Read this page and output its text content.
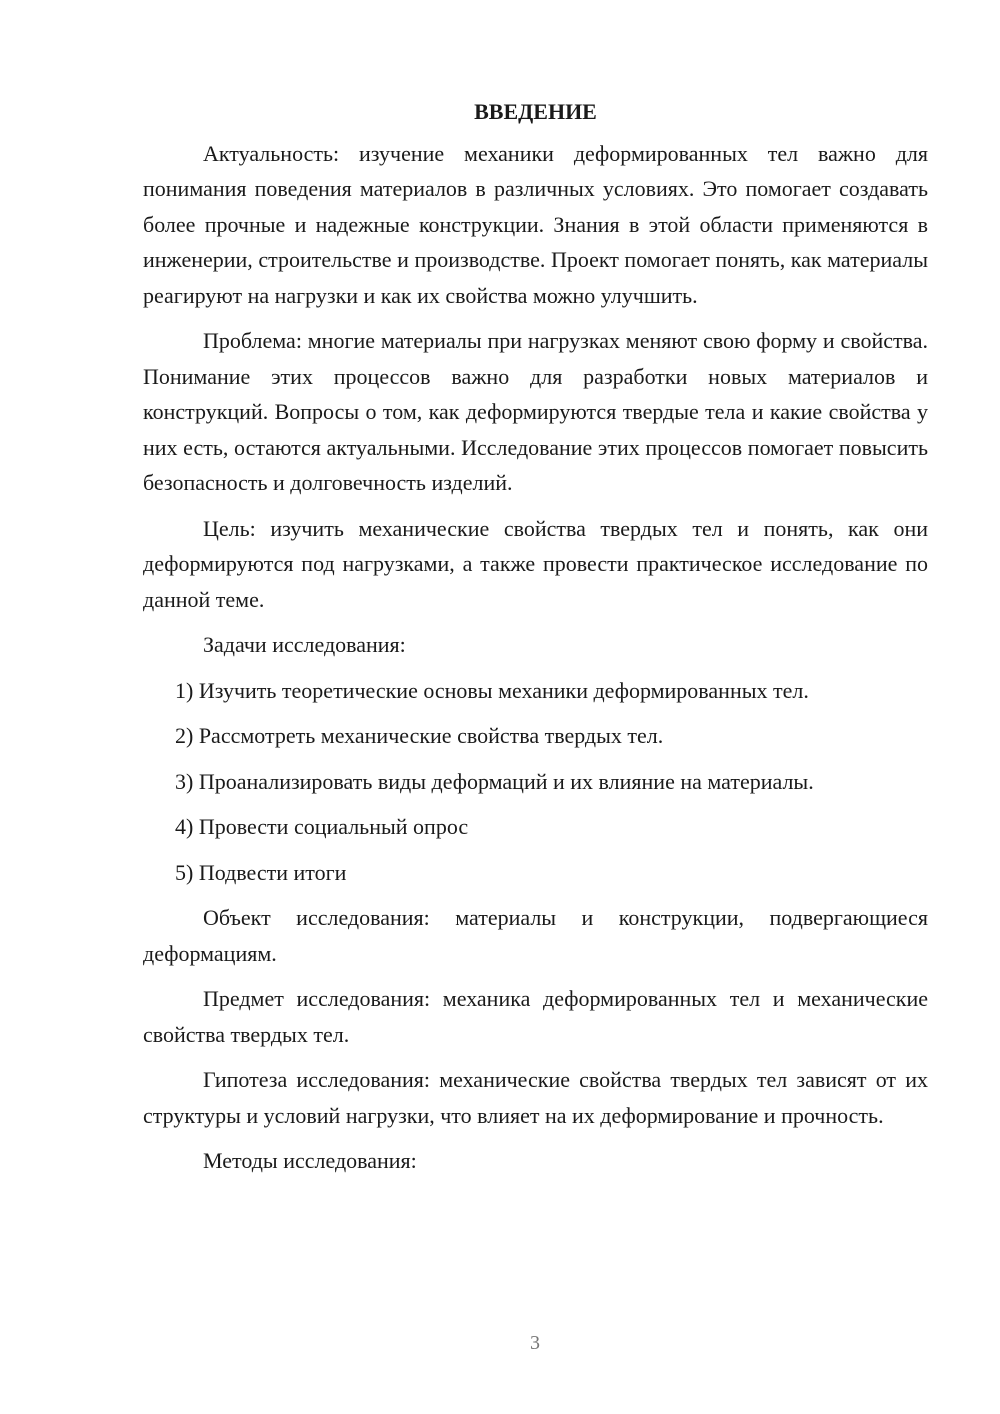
ВВЕДЕНИЕ

Актуальность: изучение механики деформированных тел важно для понимания поведения материалов в различных условиях. Это помогает создавать более прочные и надежные конструкции. Знания в этой области применяются в инженерии, строительстве и производстве. Проект помогает понять, как материалы реагируют на нагрузки и как их свойства можно улучшить.

Проблема: многие материалы при нагрузках меняют свою форму и свойства. Понимание этих процессов важно для разработки новых материалов и конструкций. Вопросы о том, как деформируются твердые тела и какие свойства у них есть, остаются актуальными. Исследование этих процессов помогает повысить безопасность и долговечность изделий.

Цель: изучить механические свойства твердых тел и понять, как они деформируются под нагрузками, а также провести практическое исследование по данной теме.

Задачи исследования:

1) Изучить теоретические основы механики деформированных тел.

2) Рассмотреть механические свойства твердых тел.

3) Проанализировать виды деформаций и их влияние на материалы.

4) Провести социальный опрос

5) Подвести итоги

Объект исследования: материалы и конструкции, подвергающиеся деформациям.

Предмет исследования: механика деформированных тел и механические свойства твердых тел.

Гипотеза исследования: механические свойства твердых тел зависят от их структуры и условий нагрузки, что влияет на их деформирование и прочность.

Методы исследования:

3
